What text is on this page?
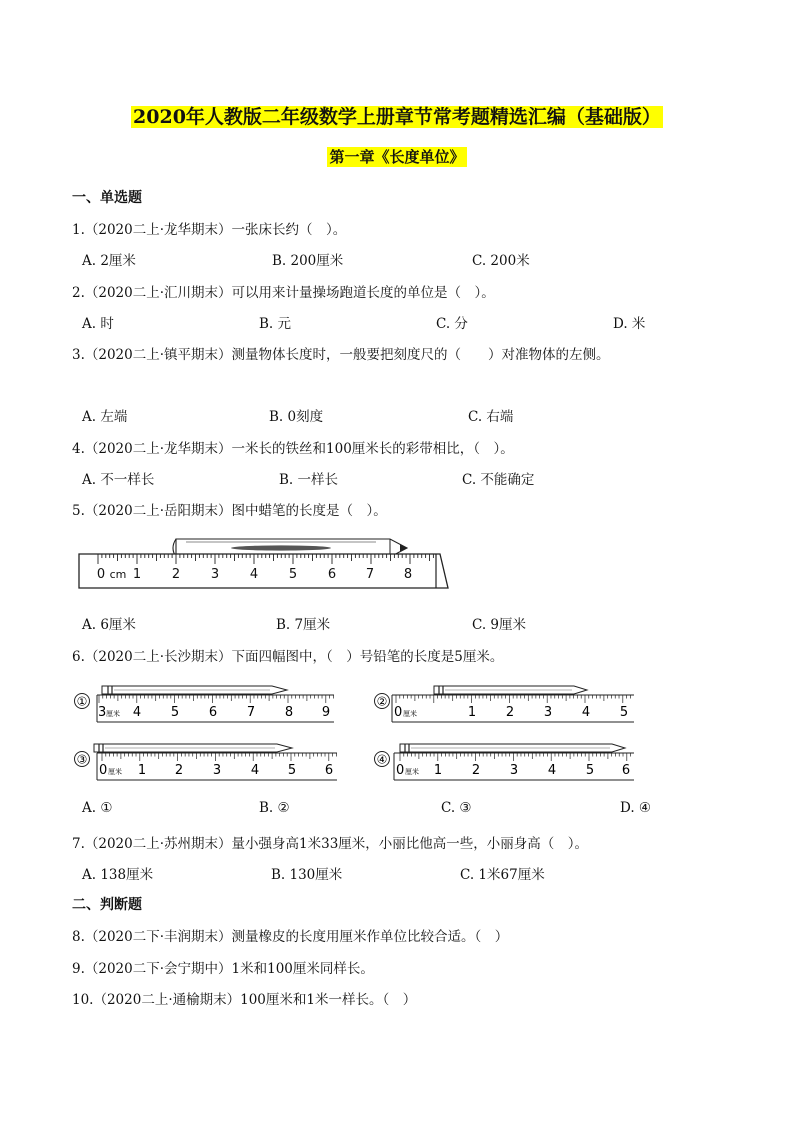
2020年人教版二年级数学上册章节常考题精选汇编（基础版）
第一章《长度单位》
一、单选题
1.（2020二上·龙华期末）一张床长约（　）。
A. 2厘米	B. 200厘米	C. 200米
2.（2020二上·汇川期末）可以用来计量操场跑道长度的单位是（　）。
A. 时	B. 元	C. 分	D. 米
3.（2020二上·镇平期末）测量物体长度时，一般要把刻度尺的（　　）对准物体的左侧。
A. 左端	B. 0刻度	C. 右端
4.（2020二上·龙华期末）一米长的铁丝和100厘米长的彩带相比，（　）。
A. 不一样长	B. 一样长	C. 不能确定
5.（2020二上·岳阳期末）图中蜡笔的长度是（　）。
0 cm 1 2 3 4 5 6 7 8
A. 6厘米	B. 7厘米	C. 9厘米
6.（2020二上·长沙期末）下面四幅图中，（　）号铅笔的长度是5厘米。
①
3 厘米 4 5 6 7 8 9
②
0 厘米	1 2 3 4 5
③
0 厘米 1 2 3 4 5 6
④
0 厘米 1 2 3 4 5 6
A. ①	B. ②	C. ③	D. ④
7.（2020二上·苏州期末）量小强身高1米33厘米，小丽比他高一些，小丽身高（　）。
A. 138厘米	B. 130厘米	C. 1米67厘米
二、判断题
8.（2020二下·丰润期末）测量橡皮的长度用厘米作单位比较合适。（　）
9.（2020二下·会宁期中）1米和100厘米同样长。
10.（2020二上·通榆期末）100厘米和1米一样长。（　）
